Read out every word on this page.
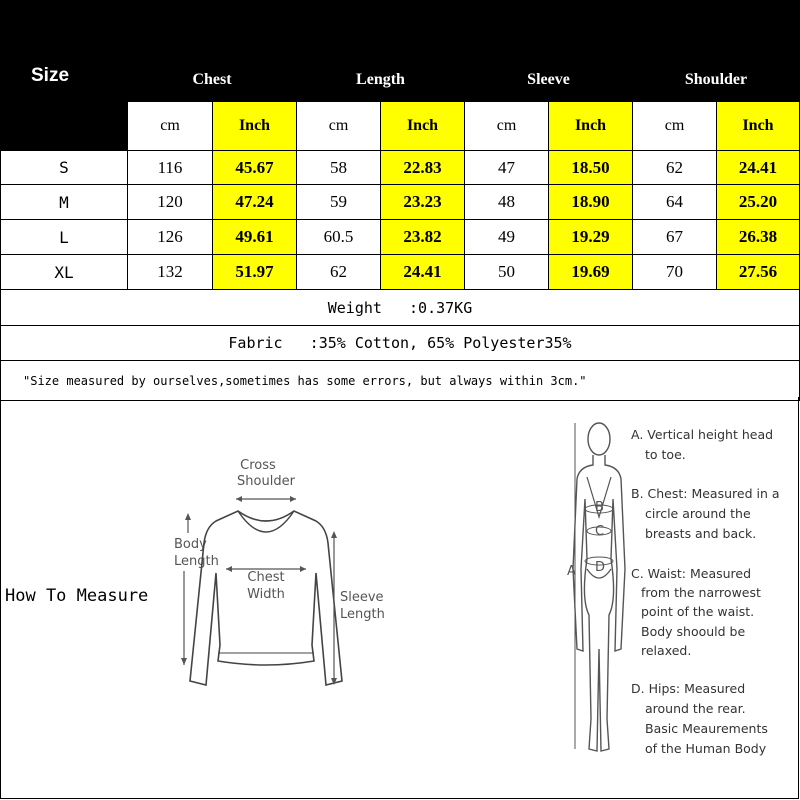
Size								
	Chest		Length		Sleeve		Shoulder	
	cm	Inch	cm	Inch	cm	Inch	cm	Inch
S	116	45.67	58	22.83	47	18.50	62	24.41
M	120	47.24	59	23.23	48	18.90	64	25.20
L	126	49.61	60.5	23.82	49	19.29	67	26.38
XL	132	51.97	62	24.41	50	19.69	70	27.56
Weight   :0.37KG								
Fabric   :35% Cotton, 65% Polyester35%								
"Size measured by ourselves,sometimes has some errors, but always within 3cm."								
How To Measure
Cross
Shoulder
Body
Length
Chest
Width	Sleeve
Length
A
B
C
D
A. Vertical height head
to toe.
B. Chest: Measured in a
circle around the
breasts and back.
C. Waist: Measured
from the narrowest
point of the waist.
Body shoould be
relaxed.
D. Hips: Measured
around the rear.
Basic Meaurements
of the Human Body
